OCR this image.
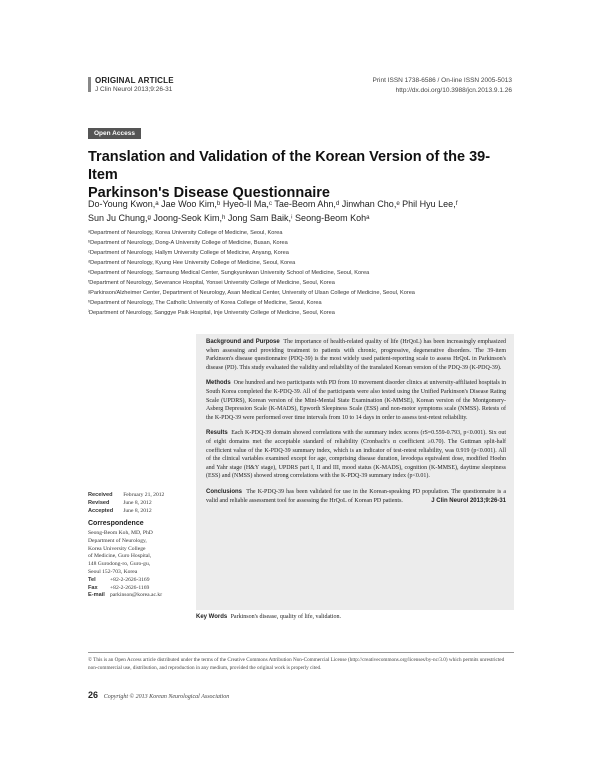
ORIGINAL ARTICLE
J Clin Neurol 2013;9:26-31
Print ISSN 1738-6586 / On-line ISSN 2005-5013
http://dx.doi.org/10.3988/jcn.2013.9.1.26
Open Access
Translation and Validation of the Korean Version of the 39-Item
Parkinson's Disease Questionnaire
Do-Young Kwon,ᵃ Jae Woo Kim,ᵇ Hyeo-Il Ma,ᶜ Tae-Beom Ahn,ᵈ Jinwhan Cho,ᵉ Phil Hyu Lee,ᶠ
Sun Ju Chung,ᵍ Joong-Seok Kim,ʰ Jong Sam Baik,ⁱ Seong-Beom Kohᵃ
ᵃDepartment of Neurology, Korea University College of Medicine, Seoul, Korea
ᵇDepartment of Neurology, Dong-A University College of Medicine, Busan, Korea
ᶜDepartment of Neurology, Hallym University College of Medicine, Anyang, Korea
ᵈDepartment of Neurology, Kyung Hee University College of Medicine, Seoul, Korea
ᵉDepartment of Neurology, Samsung Medical Center, Sungkyunkwan University School of Medicine, Seoul, Korea
ᶠDepartment of Neurology, Severance Hospital, Yonsei University College of Medicine, Seoul, Korea
ᵍParkinson/Alzheimer Center, Department of Neurology, Asan Medical Center, University of Ulsan College of Medicine, Seoul, Korea
ʰDepartment of Neurology, The Catholic University of Korea College of Medicine, Seoul, Korea
ⁱDepartment of Neurology, Sanggye Paik Hospital, Inje University College of Medicine, Seoul, Korea

Background and Purpose The importance of health-related quality of life (HrQoL) has been increasingly emphasized when assessing and providing treatment to patients with chronic, progressive, degenerative disorders. The 39-item Parkinson's disease questionnaire (PDQ-39) is the most widely used patient-reporting scale to assess HrQoL in Parkinson's disease (PD). This study evaluated the validity and reliability of the translated Korean version of the PDQ-39 (K-PDQ-39).

Methods One hundred and two participants with PD from 10 movement disorder clinics at university-affiliated hospitals in South Korea completed the K-PDQ-39. All of the participants were also tested using the Unified Parkinson's Disease Rating Scale (UPDRS), Korean version of the Mini-Mental State Examination (K-MMSE), Korean version of the Montgomery-Asberg Depression Scale (K-MADS), Epworth Sleepiness Scale (ESS) and non-motor symptoms scale (NMSS). Retests of the K-PDQ-39 were performed over time intervals from 10 to 14 days in order to assess test-retest reliability.

Results Each K-PDQ-39 domain showed correlations with the summary index scores (rS=0.559-0.793, p<0.001). Six out of eight domains met the acceptable standard of reliability (Cronbach's α coefficient ≥0.70). The Guttman split-half coefficient value of the K-PDQ-39 summary index, which is an indicator of test-retest reliability, was 0.919 (p<0.001). All of the clinical variables examined except for age, comprising disease duration, levodopa equivalent dose, modified Hoehn and Yahr stage (H&Y stage), UPDRS part I, II and III, mood status (K-MADS), cognition (K-MMSE), daytime sleepiness (ESS) and (NMSS) showed strong correlations with the K-PDQ-39 summary index (p<0.01).

Conclusions The K-PDQ-39 has been validated for use in the Korean-speaking PD population. The questionnaire is a valid and reliable assessment tool for assessing the HrQoL of Korean PD patients.	J Clin Neurol 2013;9:26-31

Received	February 21, 2012
Revised	June 8, 2012
Accepted	June 8, 2012
Correspondence
Seong-Beom Koh, MD, PhD
Department of Neurology,
Korea University College
of Medicine, Guro Hospital,
148 Gurodong-ro, Guro-gu,
Seoul 152-703, Korea
Tel	+82-2-2626-3169
Fax +82-2-2626-1169
E-mail parkinson@korea.ac.kr
Key Words Parkinson's disease, quality of life, validation.
© This is an Open Access article distributed under the terms of the Creative Commons Attribution Non-Commercial License (http://creativecommons.org/licenses/by-nc/3.0) which permits unrestricted non-commercial use, distribution, and reproduction in any medium, provided the original work is properly cited.
26 Copyright © 2013 Korean Neurological Association
